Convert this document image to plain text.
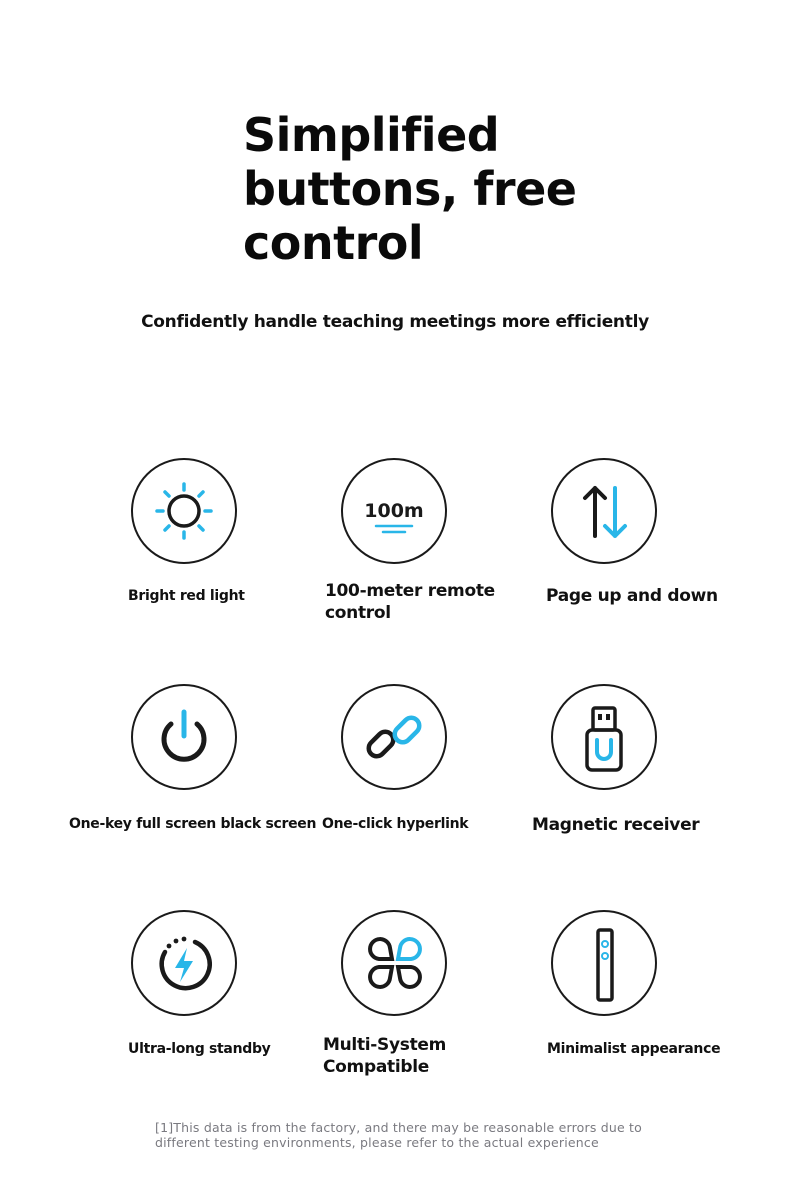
Simplified buttons, free control
Confidently handle teaching meetings more efficiently
Bright red light
100m
100-meter remote control
Page up and down
One-key full screen black screen One-click hyperlink	Magnetic receiver
Ultra-long standby	Multi-System Compatible
Minimalist appearance
[1]This data is from the factory, and there may be reasonable errors due to different testing environments, please refer to the actual experience
